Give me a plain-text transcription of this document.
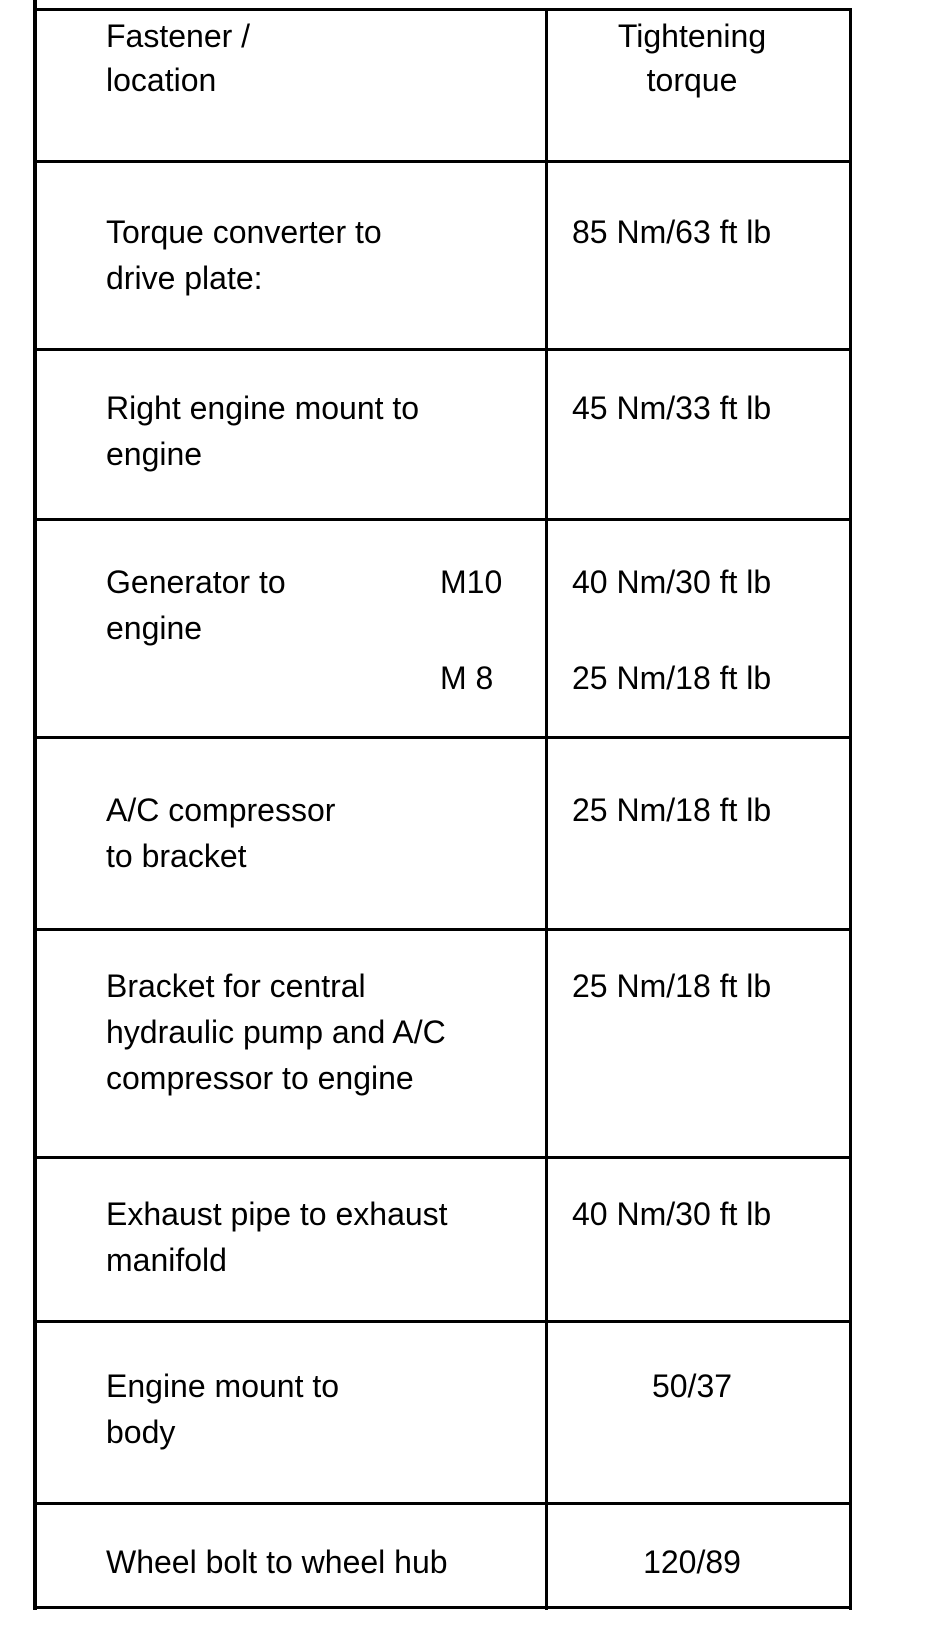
Fastener /
location
Tightening
torque
Torque converter to
drive plate:
85 Nm/63 ft lb
Right engine mount to
engine
45 Nm/33 ft lb
Generator to
engine
M10
M 8
40 Nm/30 ft lb
25 Nm/18 ft lb
A/C compressor
to bracket
25 Nm/18 ft lb
Bracket for central
hydraulic pump and A/C
compressor to engine
25 Nm/18 ft lb
Exhaust pipe to exhaust
manifold
40 Nm/30 ft lb
Engine mount to
body
50/37
Wheel bolt to wheel hub	120/89
